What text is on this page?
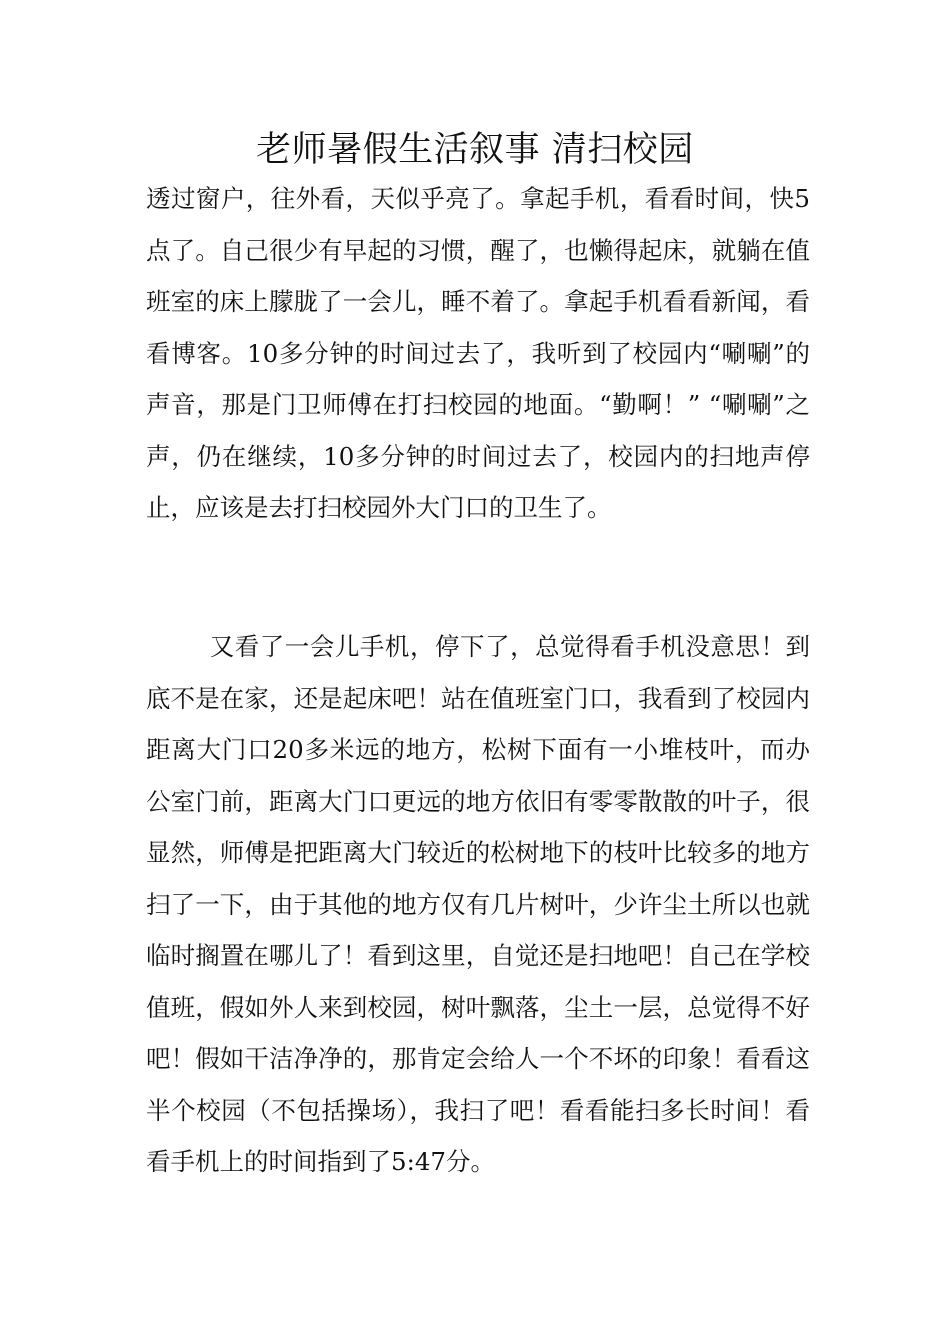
老师暑假生活叙事 清扫校园

透过窗户，往外看，天似乎亮了。拿起手机，看看时间，快5点了。自己很少有早起的习惯，醒了，也懒得起床，就躺在值班室的床上朦胧了一会儿，睡不着了。拿起手机看看新闻，看看博客。10多分钟的时间过去了，我听到了校园内“唰唰”的声音，那是门卫师傅在打扫校园的地面。“勤啊！” “唰唰”之声，仍在继续，10多分钟的时间过去了，校园内的扫地声停止，应该是去打扫校园外大门口的卫生了。

又看了一会儿手机，停下了，总觉得看手机没意思！到底不是在家，还是起床吧！站在值班室门口，我看到了校园内距离大门口20多米远的地方，松树下面有一小堆枝叶，而办公室门前，距离大门口更远的地方依旧有零零散散的叶子，很显然，师傅是把距离大门较近的松树地下的枝叶比较多的地方扫了一下，由于其他的地方仅有几片树叶，少许尘土所以也就临时搁置在哪儿了！看到这里，自觉还是扫地吧！自己在学校值班，假如外人来到校园，树叶飘落，尘土一层，总觉得不好吧！假如干洁净净的，那肯定会给人一个不坏的印象！看看这半个校园（不包括操场），我扫了吧！看看能扫多长时间！看看手机上的时间指到了5:47分。
